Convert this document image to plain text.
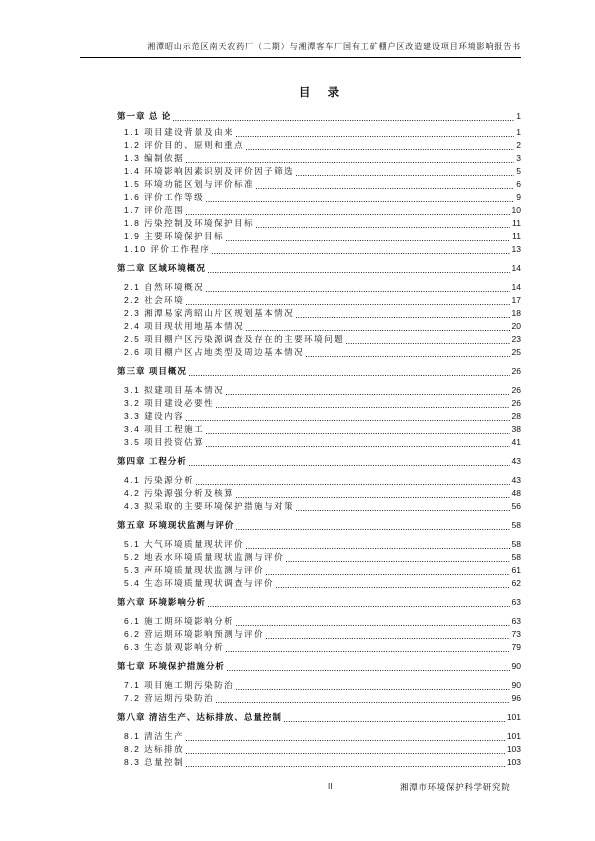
湘潭昭山示范区南天农药厂（二期）与湘潭客车厂国有工矿棚户区改造建设项目环境影响报告书
目 录
第一章 总 论	1
1.1 项目建设背景及由来	1
1.2 评价目的、原则和重点	2
1.3 编制依据	3
1.4 环境影响因素识别及评价因子筛选	5
1.5 环境功能区划与评价标准	6
1.6 评价工作等级	9
1.7 评价范围	10
1.8 污染控制及环境保护目标	11
1.9 主要环境保护目标	11
1.10 评价工作程序	13
第二章 区域环境概况	14
2.1 自然环境概况	14
2.2 社会环境	17
2.3 湘潭易家湾昭山片区规划基本情况	18
2.4 项目现状用地基本情况	20
2.5 项目棚户区污染源调查及存在的主要环境问题	23
2.6 项目棚户区占地类型及周边基本情况	25
第三章 项目概况	26
3.1 拟建项目基本情况	26
3.2 项目建设必要性	26
3.3 建设内容	28
3.4 项目工程施工	38
3.5 项目投资估算	41
第四章 工程分析	43
4.1 污染源分析	43
4.2 污染源强分析及核算	48
4.3 拟采取的主要环境保护措施与对策	56
第五章 环境现状监测与评价	58
5.1 大气环境质量现状评价	58
5.2 地表水环境质量现状监测与评价	58
5.3 声环境质量现状监测与评价	61
5.4 生态环境质量现状调查与评价	62
第六章 环境影响分析	63
6.1 施工期环境影响分析	63
6.2 营运期环境影响预测与评价	73
6.3 生态景观影响分析	79
第七章 环境保护措施分析	90
7.1 项目施工期污染防治	90
7.2 营运期污染防治	96
第八章 清洁生产、达标排放、总量控制	101
8.1 清洁生产	101
8.2 达标排放	103
8.3 总量控制	103
II	湘潭市环境保护科学研究院
